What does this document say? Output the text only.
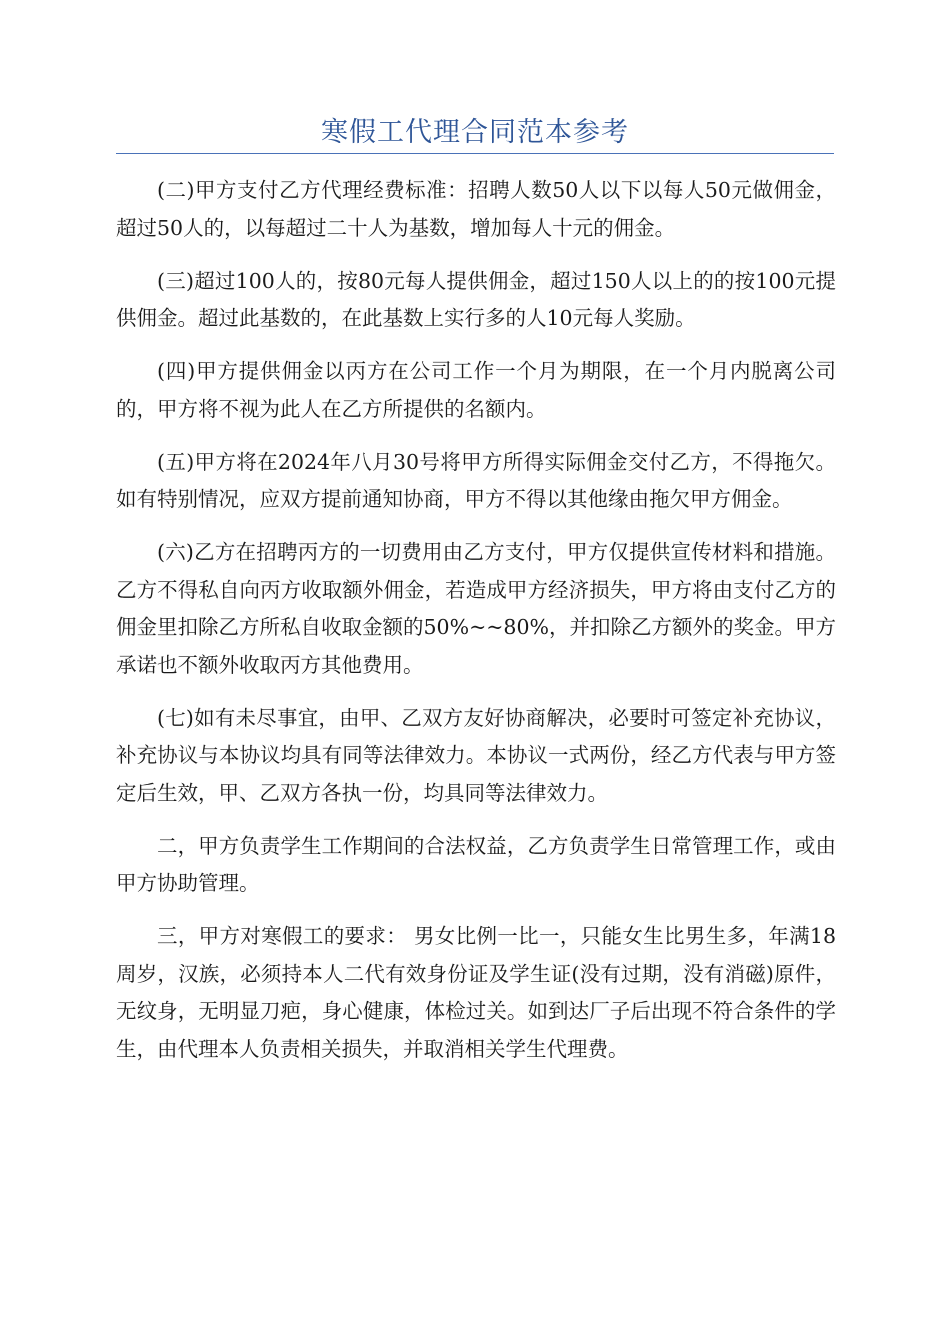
寒假工代理合同范本参考

(二)甲方支付乙方代理经费标准：招聘人数50人以下以每人50元做佣金，超过50人的，以每超过二十人为基数，增加每人十元的佣金。

(三)超过100人的，按80元每人提供佣金，超过150人以上的的按100元提供佣金。超过此基数的，在此基数上实行多的人10元每人奖励。

(四)甲方提供佣金以丙方在公司工作一个月为期限，在一个月内脱离公司的，甲方将不视为此人在乙方所提供的名额内。

(五)甲方将在2024年八月30号将甲方所得实际佣金交付乙方，不得拖欠。如有特别情况，应双方提前通知协商，甲方不得以其他缘由拖欠甲方佣金。

(六)乙方在招聘丙方的一切费用由乙方支付，甲方仅提供宣传材料和措施。乙方不得私自向丙方收取额外佣金，若造成甲方经济损失，甲方将由支付乙方的佣金里扣除乙方所私自收取金额的50%~~80%，并扣除乙方额外的奖金。甲方承诺也不额外收取丙方其他费用。

(七)如有未尽事宜，由甲、乙双方友好协商解决，必要时可签定补充协议，补充协议与本协议均具有同等法律效力。本协议一式两份，经乙方代表与甲方签定后生效，甲、乙双方各执一份，均具同等法律效力。

二，甲方负责学生工作期间的合法权益，乙方负责学生日常管理工作，或由甲方协助管理。

三，甲方对寒假工的要求： 男女比例一比一，只能女生比男生多，年满18周岁，汉族，必须持本人二代有效身份证及学生证(没有过期，没有消磁)原件，无纹身，无明显刀疤，身心健康，体检过关。如到达厂子后出现不符合条件的学生，由代理本人负责相关损失，并取消相关学生代理费。
